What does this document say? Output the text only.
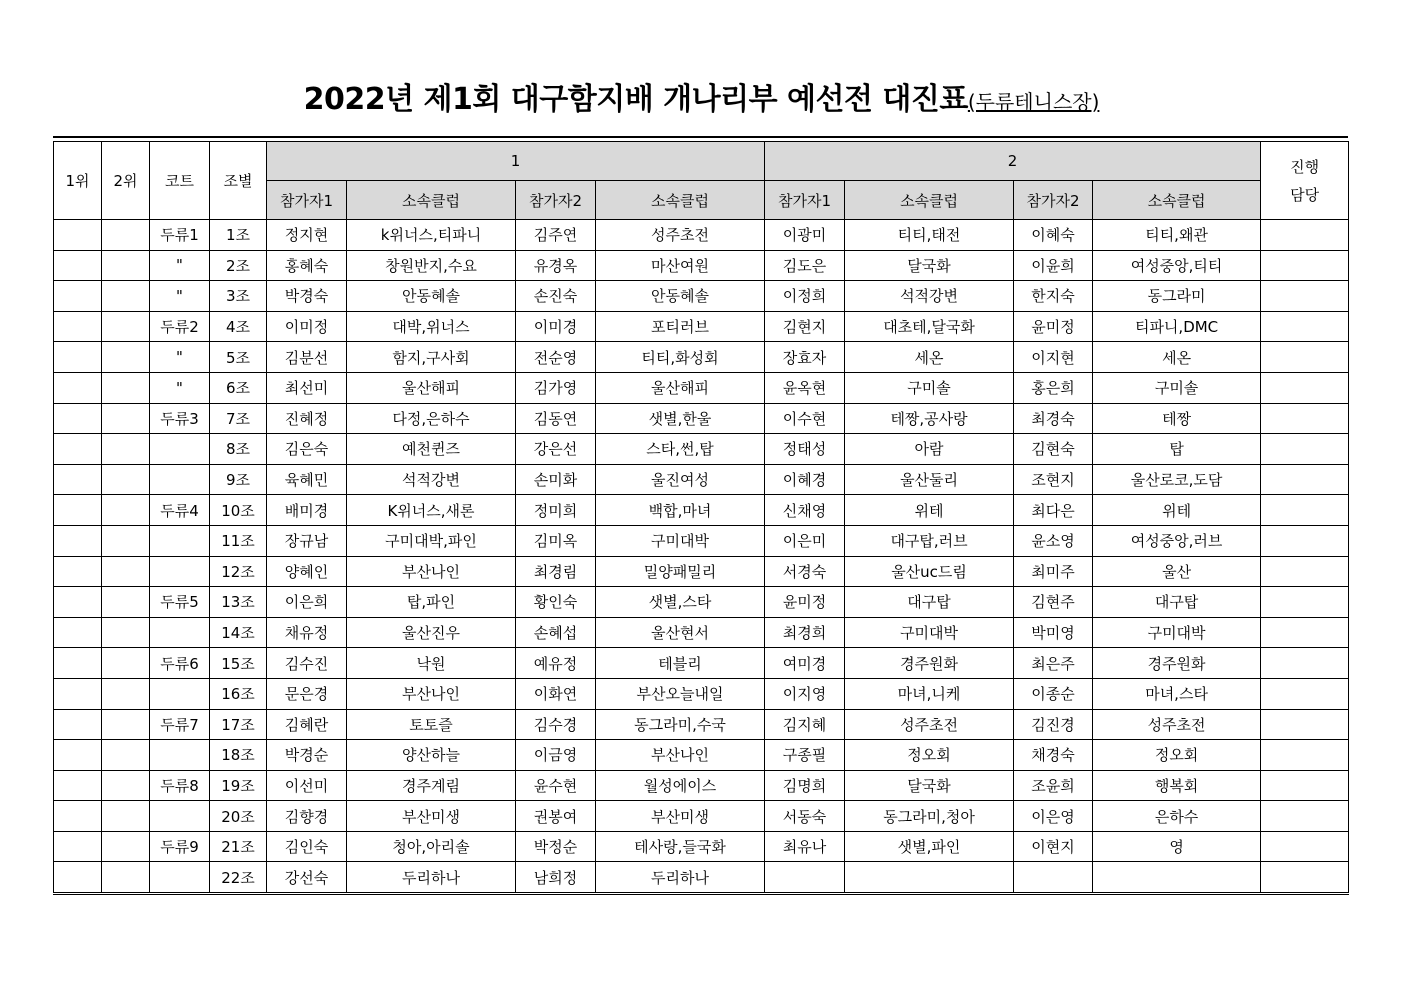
2022년 제1회 대구함지배 개나리부 예선전 대진표(두류테니스장)
1위	2위	코트	조별	1				2				진행
담당

				참가자1	소속클럽	참가자2	소속클럽	참가자1	소속클럽	참가자2	소속클럽	
		두류1	1조	정지현	k위너스,티파니	김주연	성주초전	이광미	티티,태전	이혜숙	티티,왜관	
		"	2조	홍혜숙	창원반지,수요	유경옥	마산여원	김도은	달국화	이윤희	여성중앙,티티	
		"	3조	박경숙	안동혜솔	손진숙	안동혜솔	이정희	석적강변	한지숙	동그라미	
		두류2	4조	이미정	대박,위너스	이미경	포티러브	김현지	대초테,달국화	윤미정	티파니,DMC	
		"	5조	김분선	함지,구사회	전순영	티티,화성회	장효자	세온	이지현	세온	
		"	6조	최선미	울산해피	김가영	울산해피	윤옥현	구미솔	홍은희	구미솔	
		두류3	7조	진혜정	다정,은하수	김동연	샛별,한울	이수현	테짱,공사랑	최경숙	테짱	
			8조	김은숙	예천퀸즈	강은선	스타,썬,탑	정태성	아람	김현숙	탑	
			9조	육혜민	석적강변	손미화	울진여성	이혜경	울산둘리	조현지	울산로코,도담	
		두류4	10조	배미경	K위너스,새론	정미희	백합,마녀	신채영	위테	최다은	위테	
			11조	장규남	구미대박,파인	김미옥	구미대박	이은미	대구탑,러브	윤소영	여성중앙,러브	
			12조	양혜인	부산나인	최경림	밀양패밀리	서경숙	울산uc드림	최미주	울산	
		두류5	13조	이은희	탑,파인	황인숙	샛별,스타	윤미정	대구탑	김현주	대구탑	
			14조	채유정	울산진우	손혜섭	울산현서	최경희	구미대박	박미영	구미대박	
		두류6	15조	김수진	낙원	예유정	테블리	여미경	경주원화	최은주	경주원화	
			16조	문은경	부산나인	이화연	부산오늘내일	이지영	마녀,니케	이종순	마녀,스타	
		두류7	17조	김혜란	토토즐	김수경	동그라미,수국	김지혜	성주초전	김진경	성주초전	
			18조	박경순	양산하늘	이금영	부산나인	구종필	정오회	채경숙	정오회	
		두류8	19조	이선미	경주계림	윤수현	월성에이스	김명희	달국화	조윤희	행복회	
			20조	김향경	부산미생	권봉여	부산미생	서동숙	동그라미,청아	이은영	은하수	
		두류9	21조	김인숙	청아,아리솔	박정순	테사랑,들국화	최유나	샛별,파인	이현지	영	
			22조	강선숙	두리하나	남희정	두리하나					
